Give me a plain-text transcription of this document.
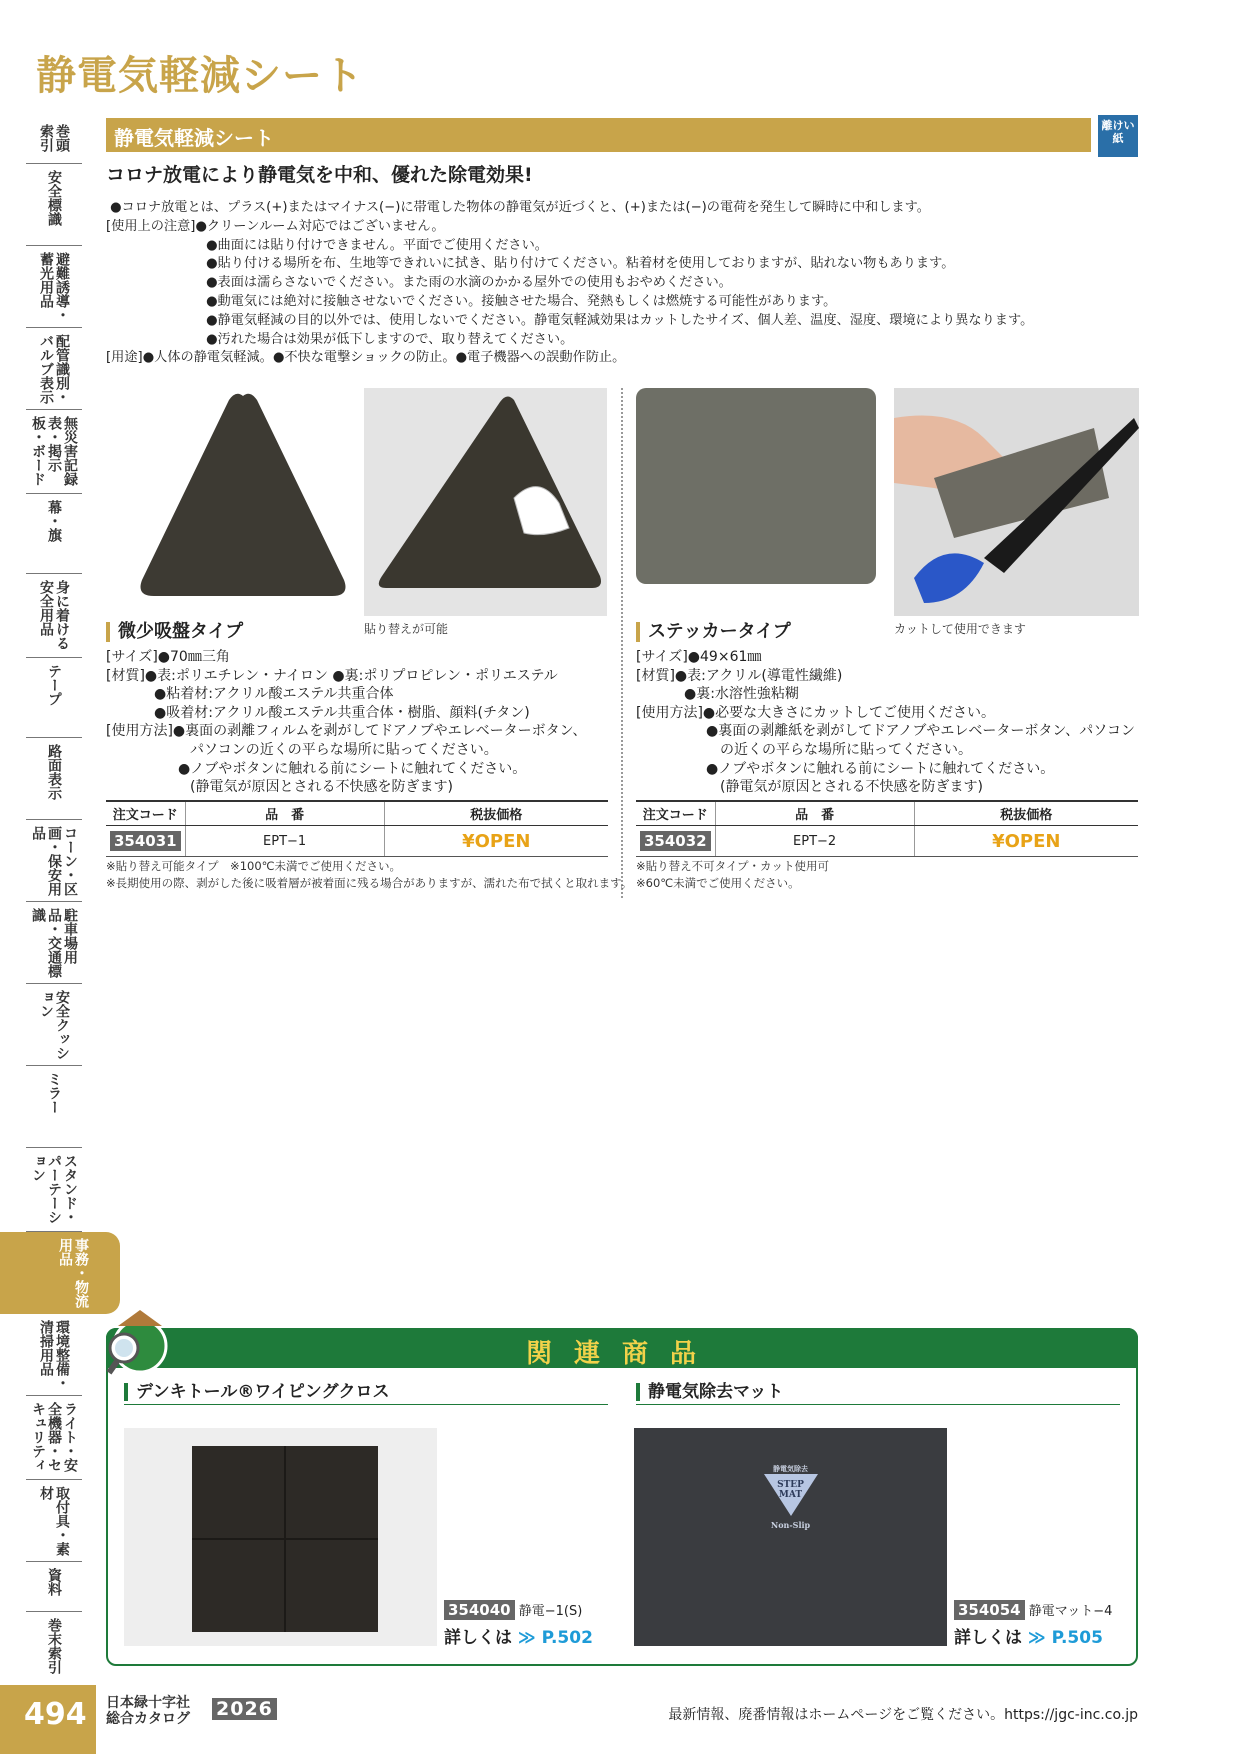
静電気軽減シート
巻頭索引
安全標識
避難誘導・蓄光用品
配管識別・バルブ表示
無災害記録表・掲示板・ボード
幕・旗
身に着ける安全用品
テープ
路面表示
コーン・区画・保安用品
駐車場用品・交通標識
安全クッション
ミラー
スタンド・パーテーション
事務・物流用品
環境整備・清掃用品
ライト・安全機器・セキュリティ
取付具・素材
資料
巻末索引
静電気軽減シート
離けい紙
コロナ放電により静電気を中和、優れた除電効果!
●コロナ放電とは、プラス(+)またはマイナス(−)に帯電した物体の静電気が近づくと、(+)または(−)の電荷を発生して瞬時に中和します。
[使用上の注意]●クリーンルーム対応ではございません。
●曲面には貼り付けできません。平面でご使用ください。
●貼り付ける場所を布、生地等できれいに拭き、貼り付けてください。粘着材を使用しておりますが、貼れない物もあります。
●表面は濡らさないでください。また雨の水滴のかかる屋外での使用もおやめください。
●動電気には絶対に接触させないでください。接触させた場合、発熱もしくは燃焼する可能性があります。
●静電気軽減の目的以外では、使用しないでください。静電気軽減効果はカットしたサイズ、個人差、温度、湿度、環境により異なります。
●汚れた場合は効果が低下しますので、取り替えてください。
[用途]●人体の静電気軽減。●不快な電撃ショックの防止。●電子機器への誤動作防止。
貼り替えが可能	カットして使用できます
微少吸盤タイプ
[サイズ]●70㎜三角
[材質]●表:ポリエチレン・ナイロン ●裏:ポリプロピレン・ポリエステル
●粘着材:アクリル酸エステル共重合体
●吸着材:アクリル酸エステル共重合体・樹脂、顔料(チタン)
[使用方法]●裏面の剥離フィルムを剥がしてドアノブやエレベーターボタン、
パソコンの近くの平らな場所に貼ってください。
●ノブやボタンに触れる前にシートに触れてください。
(静電気が原因とされる不快感を防ぎます)
注文コード	品　番	税抜価格
354031	EPT−1	¥OPEN
※貼り替え可能タイプ　※100℃未満でご使用ください。
※長期使用の際、剥がした後に吸着層が被着面に残る場合がありますが、濡れた布で拭くと取れます。
ステッカータイプ
[サイズ]●49×61㎜
[材質]●表:アクリル(導電性繊維)
●裏:水溶性強粘糊
[使用方法]●必要な大きさにカットしてご使用ください。
●裏面の剥離紙を剥がしてドアノブやエレベーターボタン、パソコン
の近くの平らな場所に貼ってください。
●ノブやボタンに触れる前にシートに触れてください。
(静電気が原因とされる不快感を防ぎます)
注文コード	品　番	税抜価格
354032	EPT−2	¥OPEN
※貼り替え不可タイプ・カット使用可
※60℃未満でご使用ください。
関連商品
デンキトール®ワイピングクロス
354040 静電−1(S)
詳しくは ≫ P.502
静電気除去マット
静電気除去
STEP
MAT
Non-Slip
354054 静電マット−4
詳しくは ≫ P.505
494 日本緑十字社
総合カタログ 2026	最新情報、廃番情報はホームページをご覧ください。https://jgc-inc.co.jp
